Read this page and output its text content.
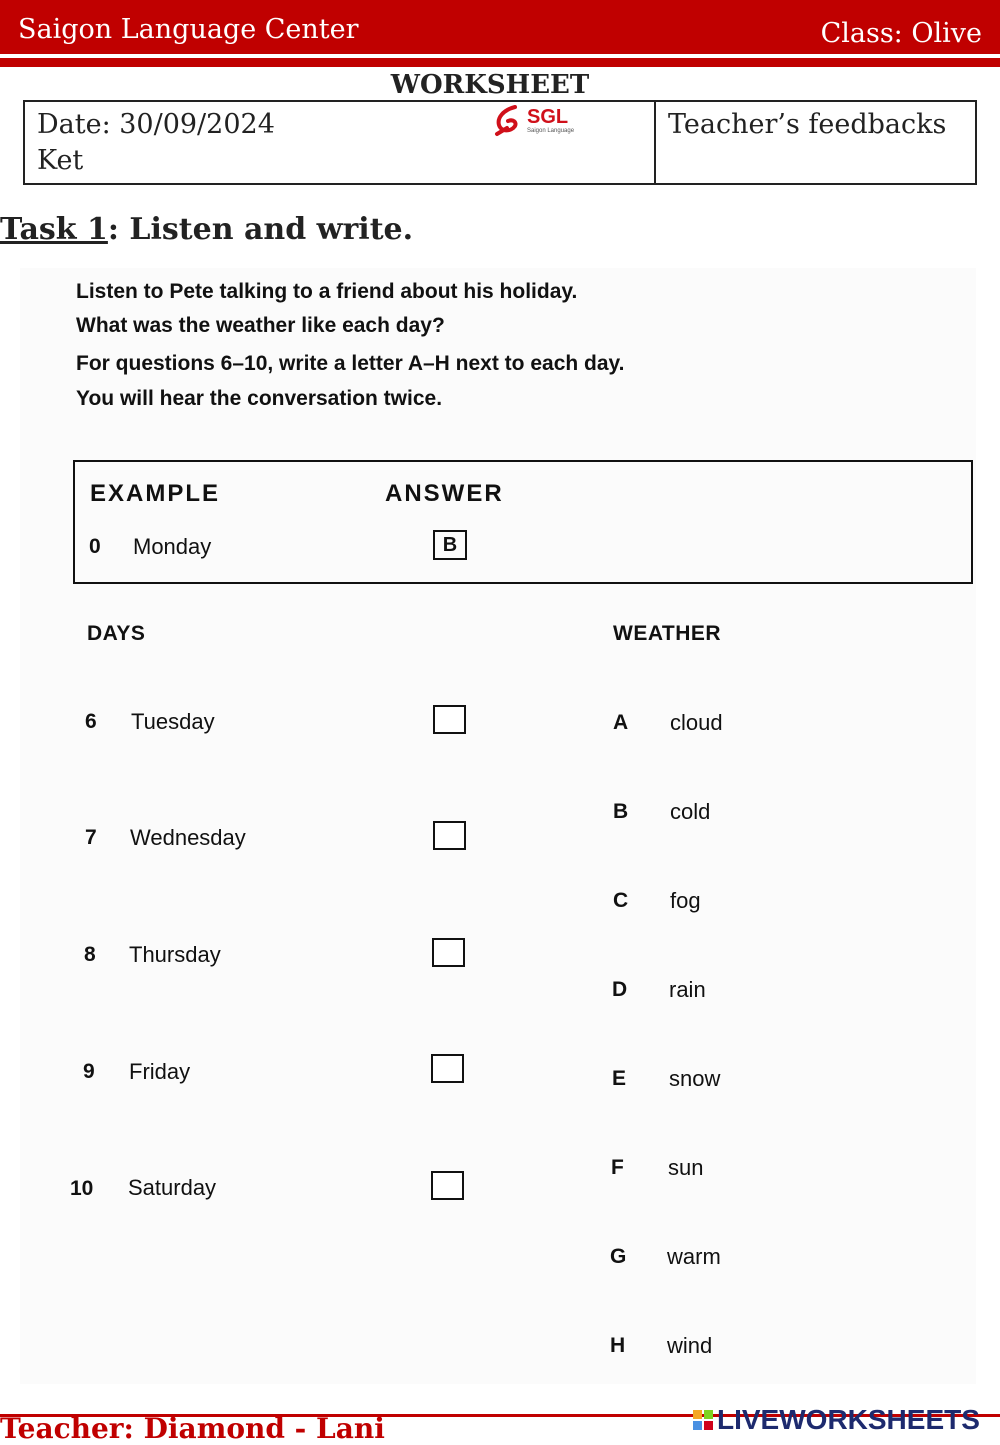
Saigon Language Center	Class: Olive
WORKSHEET
Date: 30/09/2024
Ket
Teacher’s feedbacks
SGL
Saigon Language
Task 1: Listen and write.
Listen to Pete talking to a friend about his holiday.
What was the weather like each day?
For questions 6–10, write a letter A–H next to each day.
You will hear the conversation twice.
EXAMPLE	ANSWER
0 Monday	B
DAYS	WEATHER
6 Tuesday
7 Wednesday
8 Thursday
9 Friday
10 Saturday
A cloud
B cold
C fog
D rain
E snow
F sun
G warm
H wind
Teacher: Diamond - Lani	LIVEWORKSHEETS
